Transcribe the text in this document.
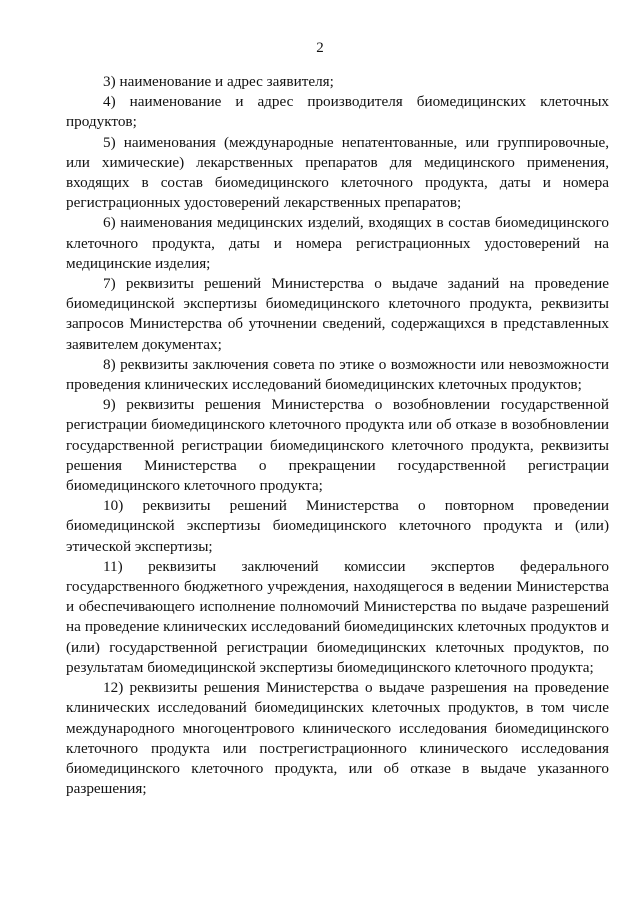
2

3) наименование и адрес заявителя;

4) наименование и адрес производителя биомедицинских клеточных продуктов;

5) наименования (международные непатентованные, или группировочные, или химические) лекарственных препаратов для медицинского применения, входящих в состав биомедицинского клеточного продукта, даты и номера регистрационных удостоверений лекарственных препаратов;

6) наименования медицинских изделий, входящих в состав биомедицинского клеточного продукта, даты и номера регистрационных удостоверений на медицинские изделия;

7) реквизиты решений Министерства о выдаче заданий на проведение биомедицинской экспертизы биомедицинского клеточного продукта, реквизиты запросов Министерства об уточнении сведений, содержащихся в представленных заявителем документах;

8) реквизиты заключения совета по этике о возможности или невозможности проведения клинических исследований биомедицинских клеточных продуктов;

9) реквизиты решения Министерства о возобновлении государственной регистрации биомедицинского клеточного продукта или об отказе в возобновлении государственной регистрации биомедицинского клеточного продукта, реквизиты решения Министерства о прекращении государственной регистрации биомедицинского клеточного продукта;

10) реквизиты решений Министерства о повторном проведении биомедицинской экспертизы биомедицинского клеточного продукта и (или) этической экспертизы;

11) реквизиты заключений комиссии экспертов федерального государственного бюджетного учреждения, находящегося в ведении Министерства и обеспечивающего исполнение полномочий Министерства по выдаче разрешений на проведение клинических исследований биомедицинских клеточных продуктов и (или) государственной регистрации биомедицинских клеточных продуктов, по результатам биомедицинской экспертизы биомедицинского клеточного продукта;

12) реквизиты решения Министерства о выдаче разрешения на проведение клинических исследований биомедицинских клеточных продуктов, в том числе международного многоцентрового клинического исследования биомедицинского клеточного продукта или пострегистрационного клинического исследования биомедицинского клеточного продукта, или об отказе в выдаче указанного разрешения;
